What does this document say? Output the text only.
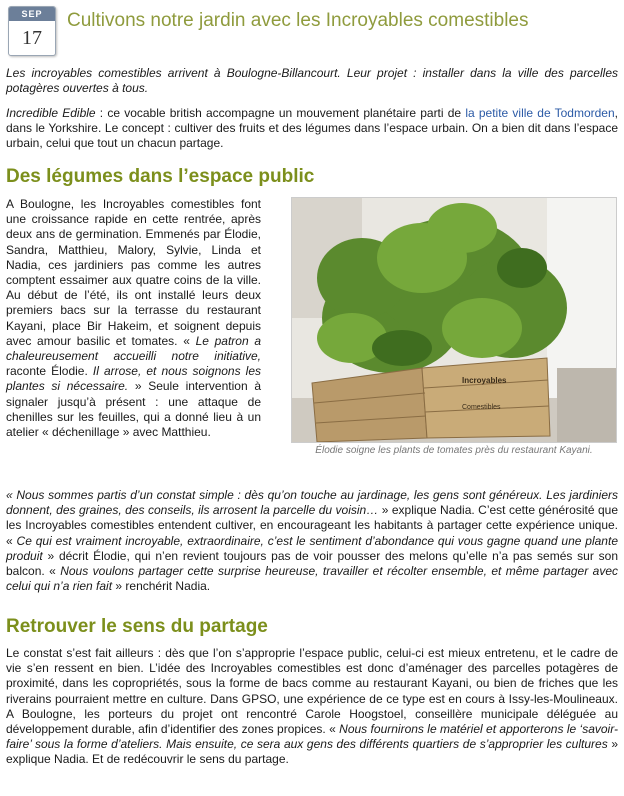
SEP
17
Cultivons notre jardin avec les Incroyables comestibles

Les incroyables comestibles arrivent à Boulogne-Billancourt. Leur projet : installer dans la ville des parcelles potagères ouvertes à tous.

Incredible Edible : ce vocable british accompagne un mouvement planétaire parti de la petite ville de Todmorden, dans le Yorkshire. Le concept : cultiver des fruits et des légumes dans l’espace urbain. On a bien dit dans l’espace urbain, celui que tout un chacun partage.

Des légumes dans l’espace public

A Boulogne, les Incroyables comestibles font une croissance rapide en cette rentrée, après deux ans de germination. Emmenés par Élodie, Sandra, Matthieu, Malory, Sylvie, Linda et Nadia, ces jardiniers pas comme les autres comptent essaimer aux quatre coins de la ville. Au début de l’été, ils ont installé leurs deux premiers bacs sur la terrasse du restaurant Kayani, place Bir Hakeim, et soignent depuis avec amour basilic et tomates. « Le patron a chaleureusement accueilli notre initiative, raconte Élodie. Il arrose, et nous soignons les plantes si nécessaire. » Seule intervention à signaler jusqu’à présent : une attaque de chenilles sur les feuilles, qui a donné lieu à un atelier « déchenillage » avec Matthieu.

Incroyables
Comestibles
Élodie soigne les plants de tomates près du restaurant Kayani.

« Nous sommes partis d’un constat simple : dès qu’on touche au jardinage, les gens sont généreux. Les jardiniers donnent, des graines, des conseils, ils arrosent la parcelle du voisin… » explique Nadia. C’est cette générosité que les Incroyables comestibles entendent cultiver, en encourageant les habitants à partager cette expérience unique. « Ce qui est vraiment incroyable, extraordinaire, c’est le sentiment d’abondance qui vous gagne quand une plante produit » décrit Élodie, qui n’en revient toujours pas de voir pousser des melons qu’elle n’a pas semés sur son balcon. « Nous voulons partager cette surprise heureuse, travailler et récolter ensemble, et même partager avec celui qui n’a rien fait » renchérit Nadia.

Retrouver le sens du partage

Le constat s’est fait ailleurs : dès que l’on s’approprie l’espace public, celui-ci est mieux entretenu, et le cadre de vie s’en ressent en bien. L’idée des Incroyables comestibles est donc d’aménager des parcelles potagères de proximité, dans les copropriétés, sous la forme de bacs comme au restaurant Kayani, ou bien de friches que les riverains pourraient mettre en culture. Dans GPSO, une expérience de ce type est en cours à Issy-les-Moulineaux. A Boulogne, les porteurs du projet ont rencontré Carole Hoogstoel, conseillère municipale déléguée au développement durable, afin d’identifier des zones propices. « Nous fournirons le matériel et apporterons le ‘savoir-faire’ sous la forme d’ateliers. Mais ensuite, ce sera aux gens des différents quartiers de s’approprier les cultures » explique Nadia. Et de redécouvrir le sens du partage.
